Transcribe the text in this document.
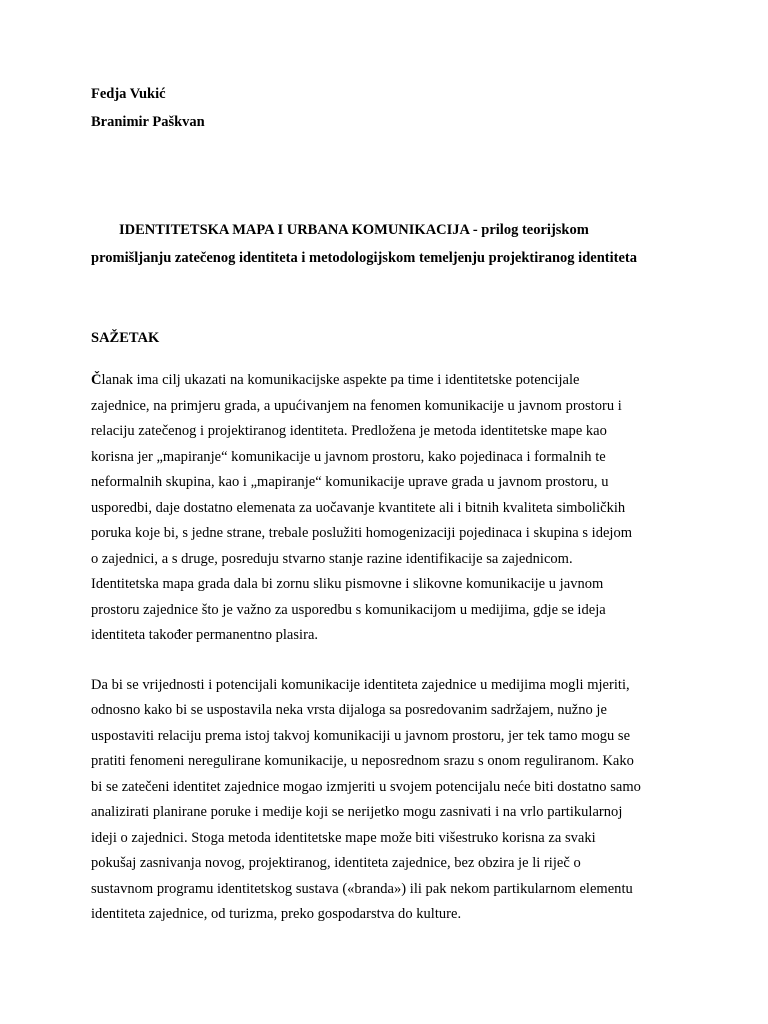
Fedja Vukić

Branimir Paškvan

IDENTITETSKA MAPA I URBANA KOMUNIKACIJA - prilog teorijskom
promišljanju zatečenog identiteta i metodologijskom temeljenju projektiranog identiteta
SAŽETAK
Članak ima cilj ukazati na komunikacijske aspekte pa time i identitetske potencijale
zajednice, na primjeru grada, a upućivanjem na fenomen komunikacije u javnom prostoru i
relaciju zatečenog i projektiranog identiteta. Predložena je metoda identitetske mape kao
korisna jer „mapiranje“ komunikacije u javnom prostoru, kako pojedinaca i formalnih te
neformalnih skupina, kao i „mapiranje“ komunikacije uprave grada u javnom prostoru, u
usporedbi, daje dostatno elemenata za uočavanje kvantitete ali i bitnih kvaliteta simboličkih
poruka koje bi, s jedne strane, trebale poslužiti homogenizaciji pojedinaca i skupina s idejom
o zajednici, a s druge, posreduju stvarno stanje razine identifikacije sa zajednicom.
Identitetska mapa grada dala bi zornu sliku pismovne i slikovne komunikacije u javnom
prostoru zajednice što je važno za usporedbu s komunikacijom u medijima, gdje se ideja
identiteta također permanentno plasira.
Da bi se vrijednosti i potencijali komunikacije identiteta zajednice u medijima mogli mjeriti,
odnosno kako bi se uspostavila neka vrsta dijaloga sa posredovanim sadržajem, nužno je
uspostaviti relaciju prema istoj takvoj komunikaciji u javnom prostoru, jer tek tamo mogu se
pratiti fenomeni neregulirane komunikacije, u neposrednom srazu s onom reguliranom. Kako
bi se zatečeni identitet zajednice mogao izmjeriti u svojem potencijalu neće biti dostatno samo
analizirati planirane poruke i medije koji se nerijetko mogu zasnivati i na vrlo partikularnoj
ideji o zajednici. Stoga metoda identitetske mape može biti višestruko korisna za svaki
pokušaj zasnivanja novog, projektiranog, identiteta zajednice, bez obzira je li riječ o
sustavnom programu identitetskog sustava («branda») ili pak nekom partikularnom elementu
identiteta zajednice, od turizma, preko gospodarstva do kulture.
